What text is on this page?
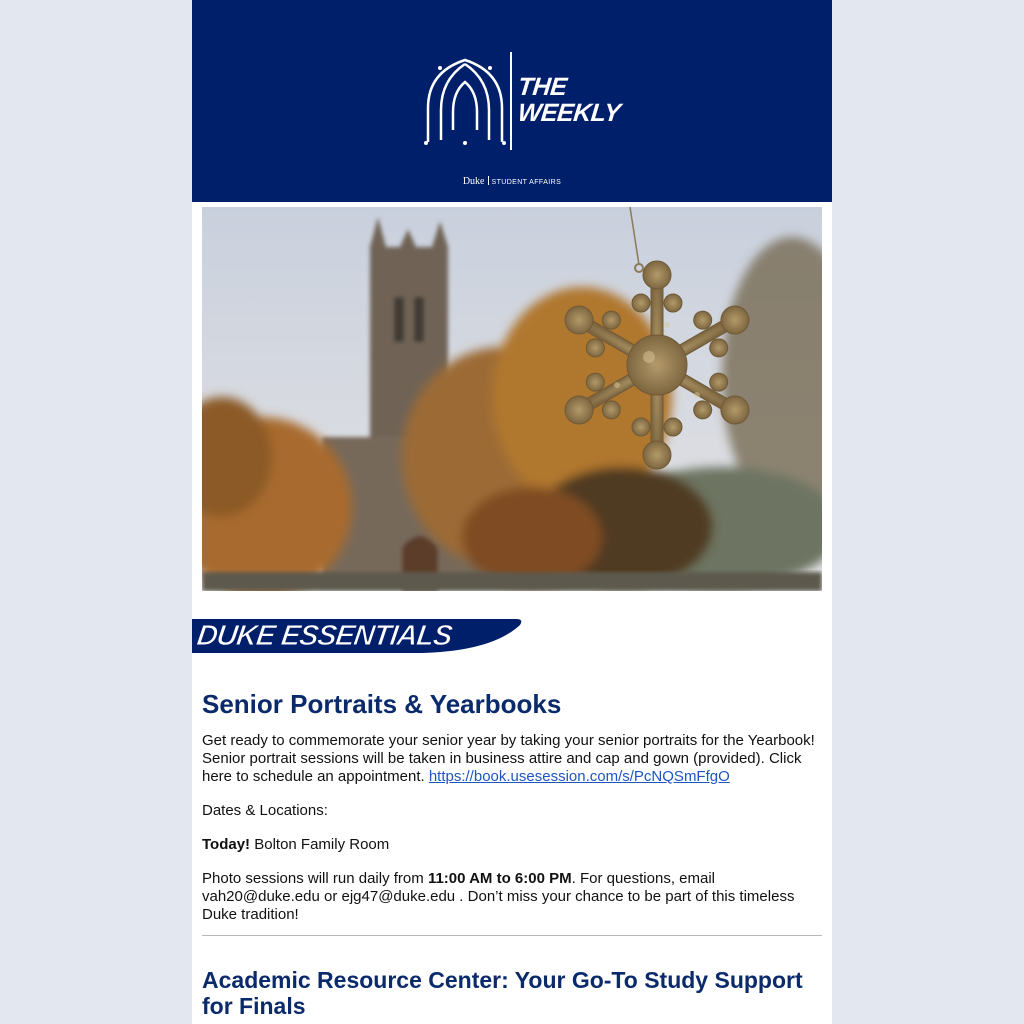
THE
WEEKLY
Duke STUDENT AFFAIRS
DUKE ESSENTIALS
Senior Portraits & Yearbooks

Get ready to commemorate your senior year by taking your senior portraits for the Yearbook! Senior portrait sessions will be taken in business attire and cap and gown (provided). Click here to schedule an appointment. https://book.usesession.com/s/PcNQSmFfgO

Dates & Locations:

Today! Bolton Family Room

Photo sessions will run daily from 11:00 AM to 6:00 PM. For questions, email vah20@duke.edu or ejg47@duke.edu . Don’t miss your chance to be part of this timeless Duke tradition!

Academic Resource Center: Your Go-To Study Support for Finals
